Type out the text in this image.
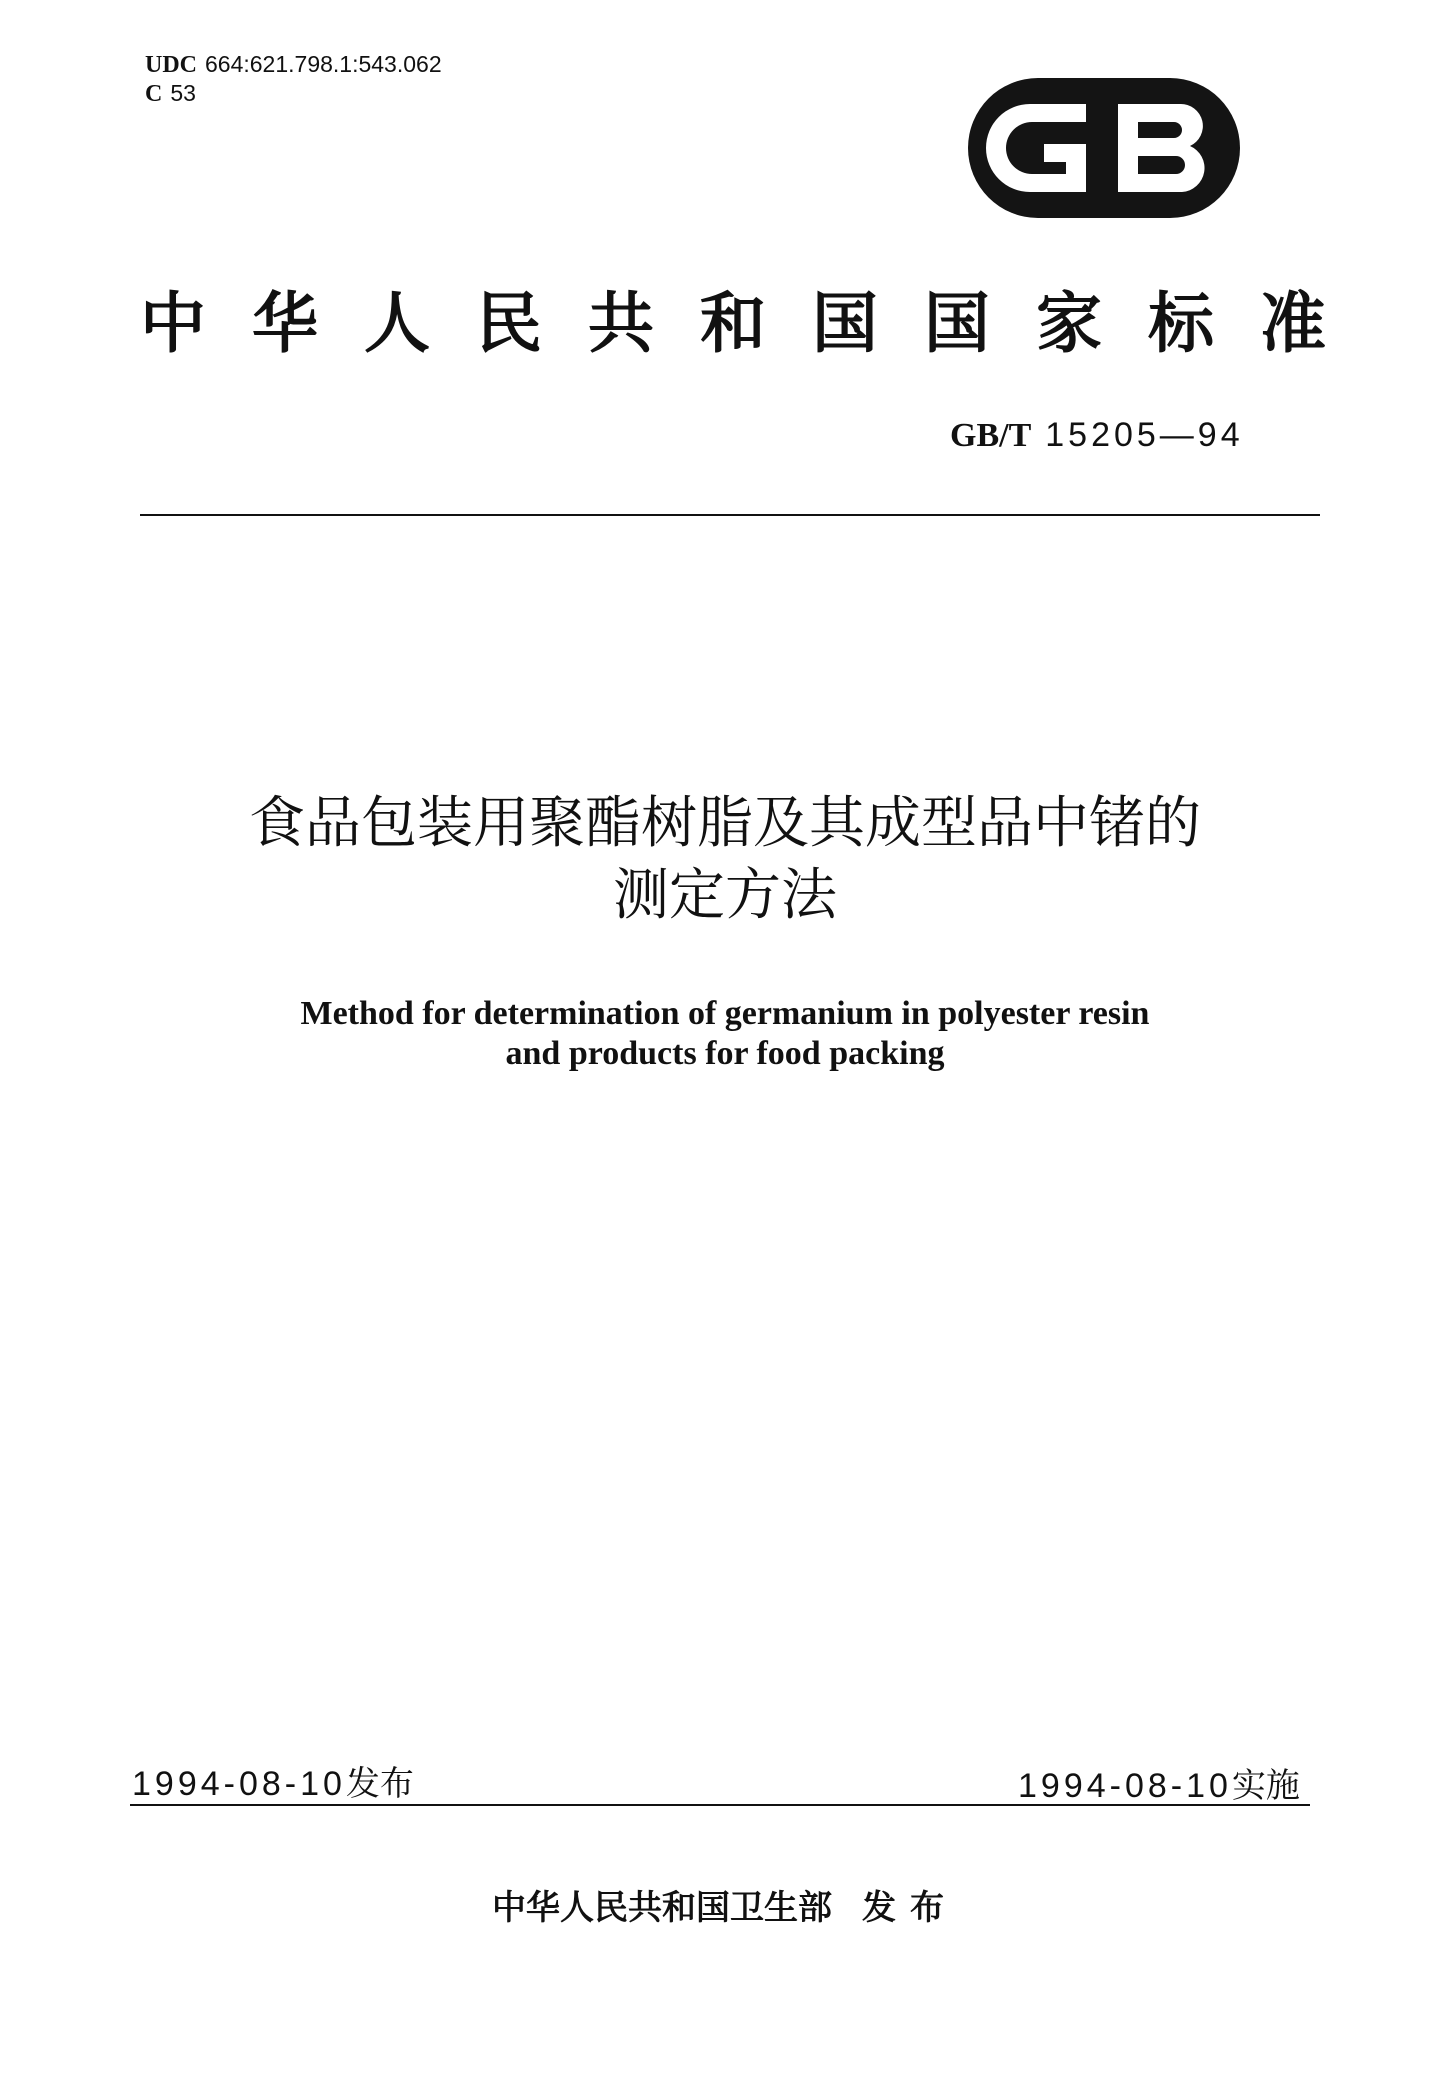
UDC 664:621.798.1:543.062
C 53
中华人民共和国国家标准
GB/T 15205—94
食品包装用聚酯树脂及其成型品中锗的
测定方法
Method for determination of germanium in polyester resin
and products for food packing
1994-08-10发布	1994-08-10实施
中华人民共和国卫生部 发布
